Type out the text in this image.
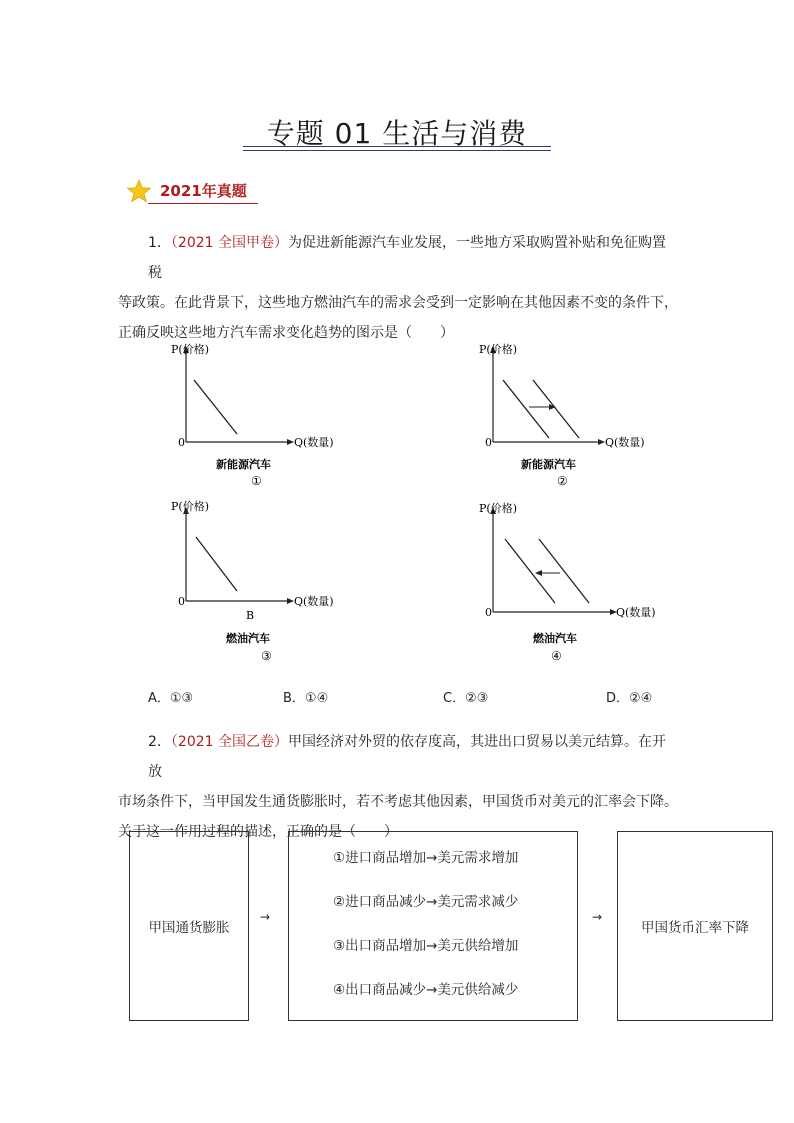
专题 01 生活与消费
2021年真题
1．（2021 全国甲卷）为促进新能源汽车业发展，一些地方采取购置补贴和免征购置税
等政策。在此背景下，这些地方燃油汽车的需求会受到一定影响在其他因素不变的条件下，
正确反映这些地方汽车需求变化趋势的图示是（　　）
P(价格)
Q(数量)
0
新能源汽车
①
P(价格)
Q(数量)
0
新能源汽车
②
P(价格)
Q(数量)
0
B
燃油汽车
③
P(价格)
Q(数量)
0
燃油汽车
④
A．①③	B．①④	C．②③	D．②④
2．（2021 全国乙卷）甲国经济对外贸的依存度高，其进出口贸易以美元结算。在开放
市场条件下，当甲国发生通货膨胀时，若不考虑其他因素，甲国货币对美元的汇率会下降。
关于这一作用过程的描述，正确的是（　　）
甲国通货膨胀
→
①进口商品增加→美元需求增加
②进口商品减少→美元需求减少
③出口商品增加→美元供给增加
④出口商品减少→美元供给减少
→
甲国货币汇率下降
